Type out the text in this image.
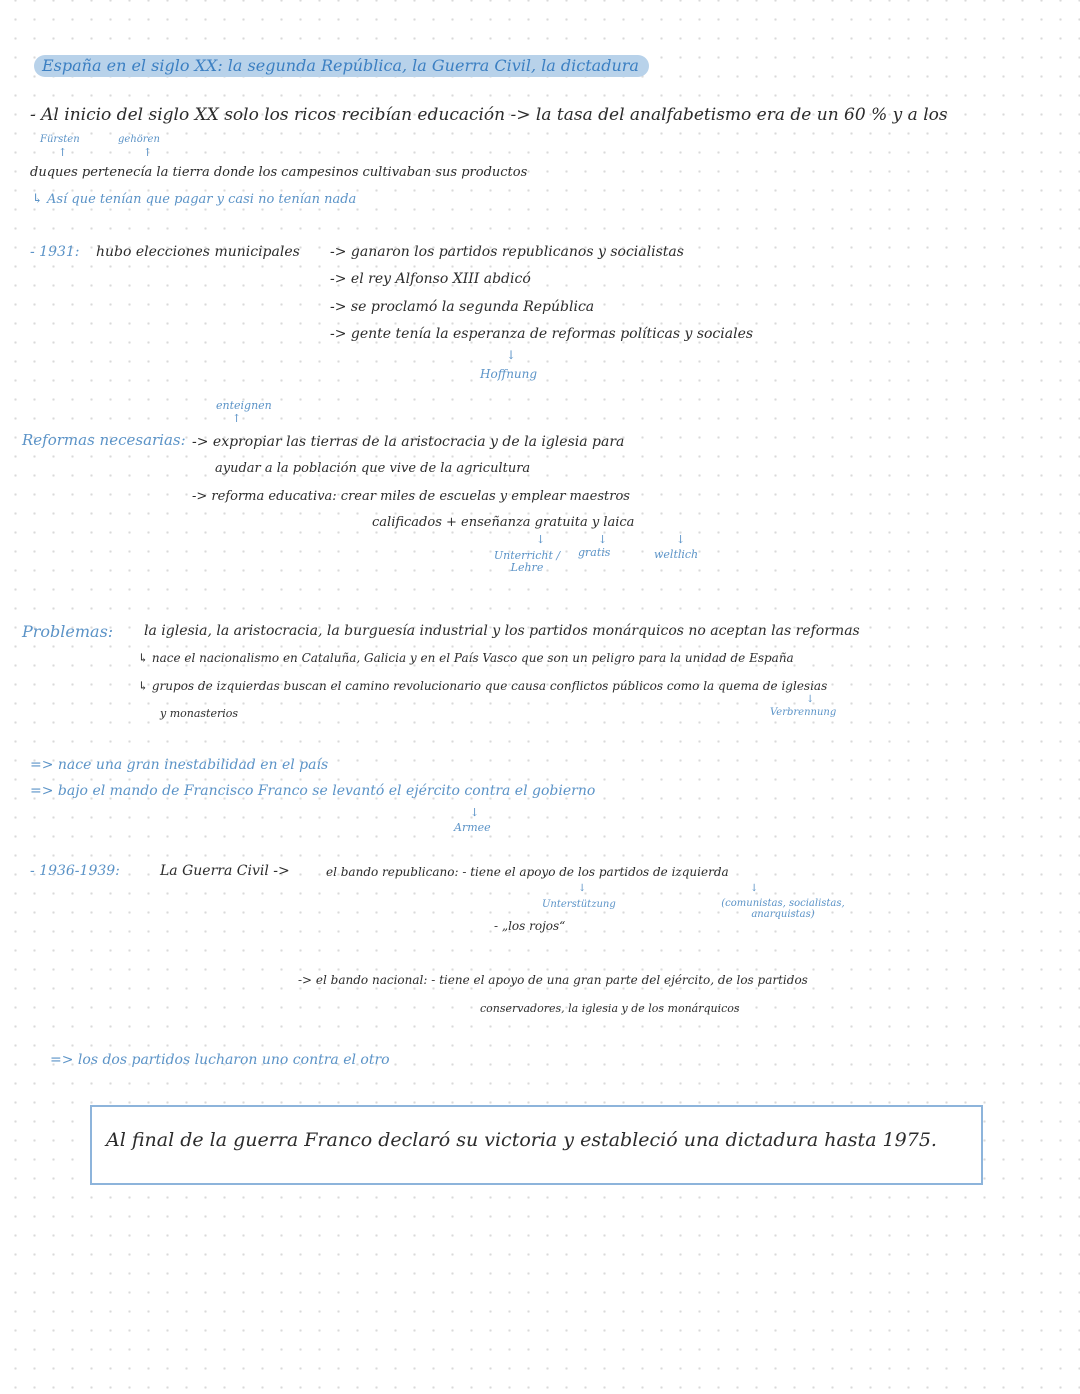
España en el siglo XX: la segunda República, la Guerra Civil, la dictadura
- Al inicio del siglo XX solo los ricos recibían educación -> la tasa del analfabetismo era de un 60 % y a los
Fürsten	gehören
↑	↑
duques pertenecía la tierra donde los campesinos cultivaban sus productos
↳ Así que tenían que pagar y casi no tenían nada
- 1931: hubo elecciones municipales -> ganaron los partidos republicanos y socialistas
-> el rey Alfonso XIII abdicó
-> se proclamó la segunda República
-> gente tenía la esperanza de reformas políticas y sociales
↓
Hoffnung
enteignen
↑
Reformas necesarias: -> expropiar las tierras de la aristocracia y de la iglesia para
ayudar a la población que vive de la agricultura
-> reforma educativa: crear miles de escuelas y emplear maestros
calificados + enseñanza gratuita y laica
↓	↓	↓
Unterricht / Lehre
gratis	weltlich
Problemas: la iglesia, la aristocracia, la burguesía industrial y los partidos monárquicos no aceptan las reformas
↳ nace el nacionalismo en Cataluña, Galicia y en el País Vasco que son un peligro para la unidad de España
↳ grupos de izquierdas buscan el camino revolucionario que causa conflictos públicos como la quema de iglesias
y monasterios
↓
Verbrennung
=> nace una gran inestabilidad en el país
=> bajo el mando de Francisco Franco se levantó el ejército contra el gobierno
↓
Armee
- 1936-1939:	La Guerra Civil ->	el bando republicano: - tiene el apoyo de los partidos de izquierda
↓	↓
Unterstützung	(comunistas, socialistas, anarquistas)
- „los rojos“
-> el bando nacional: - tiene el apoyo de una gran parte del ejército, de los partidos
conservadores, la iglesia y de los monárquicos
=> los dos partidos lucharon uno contra el otro
Al final de la guerra Franco declaró su victoria y estableció una dictadura hasta 1975.
